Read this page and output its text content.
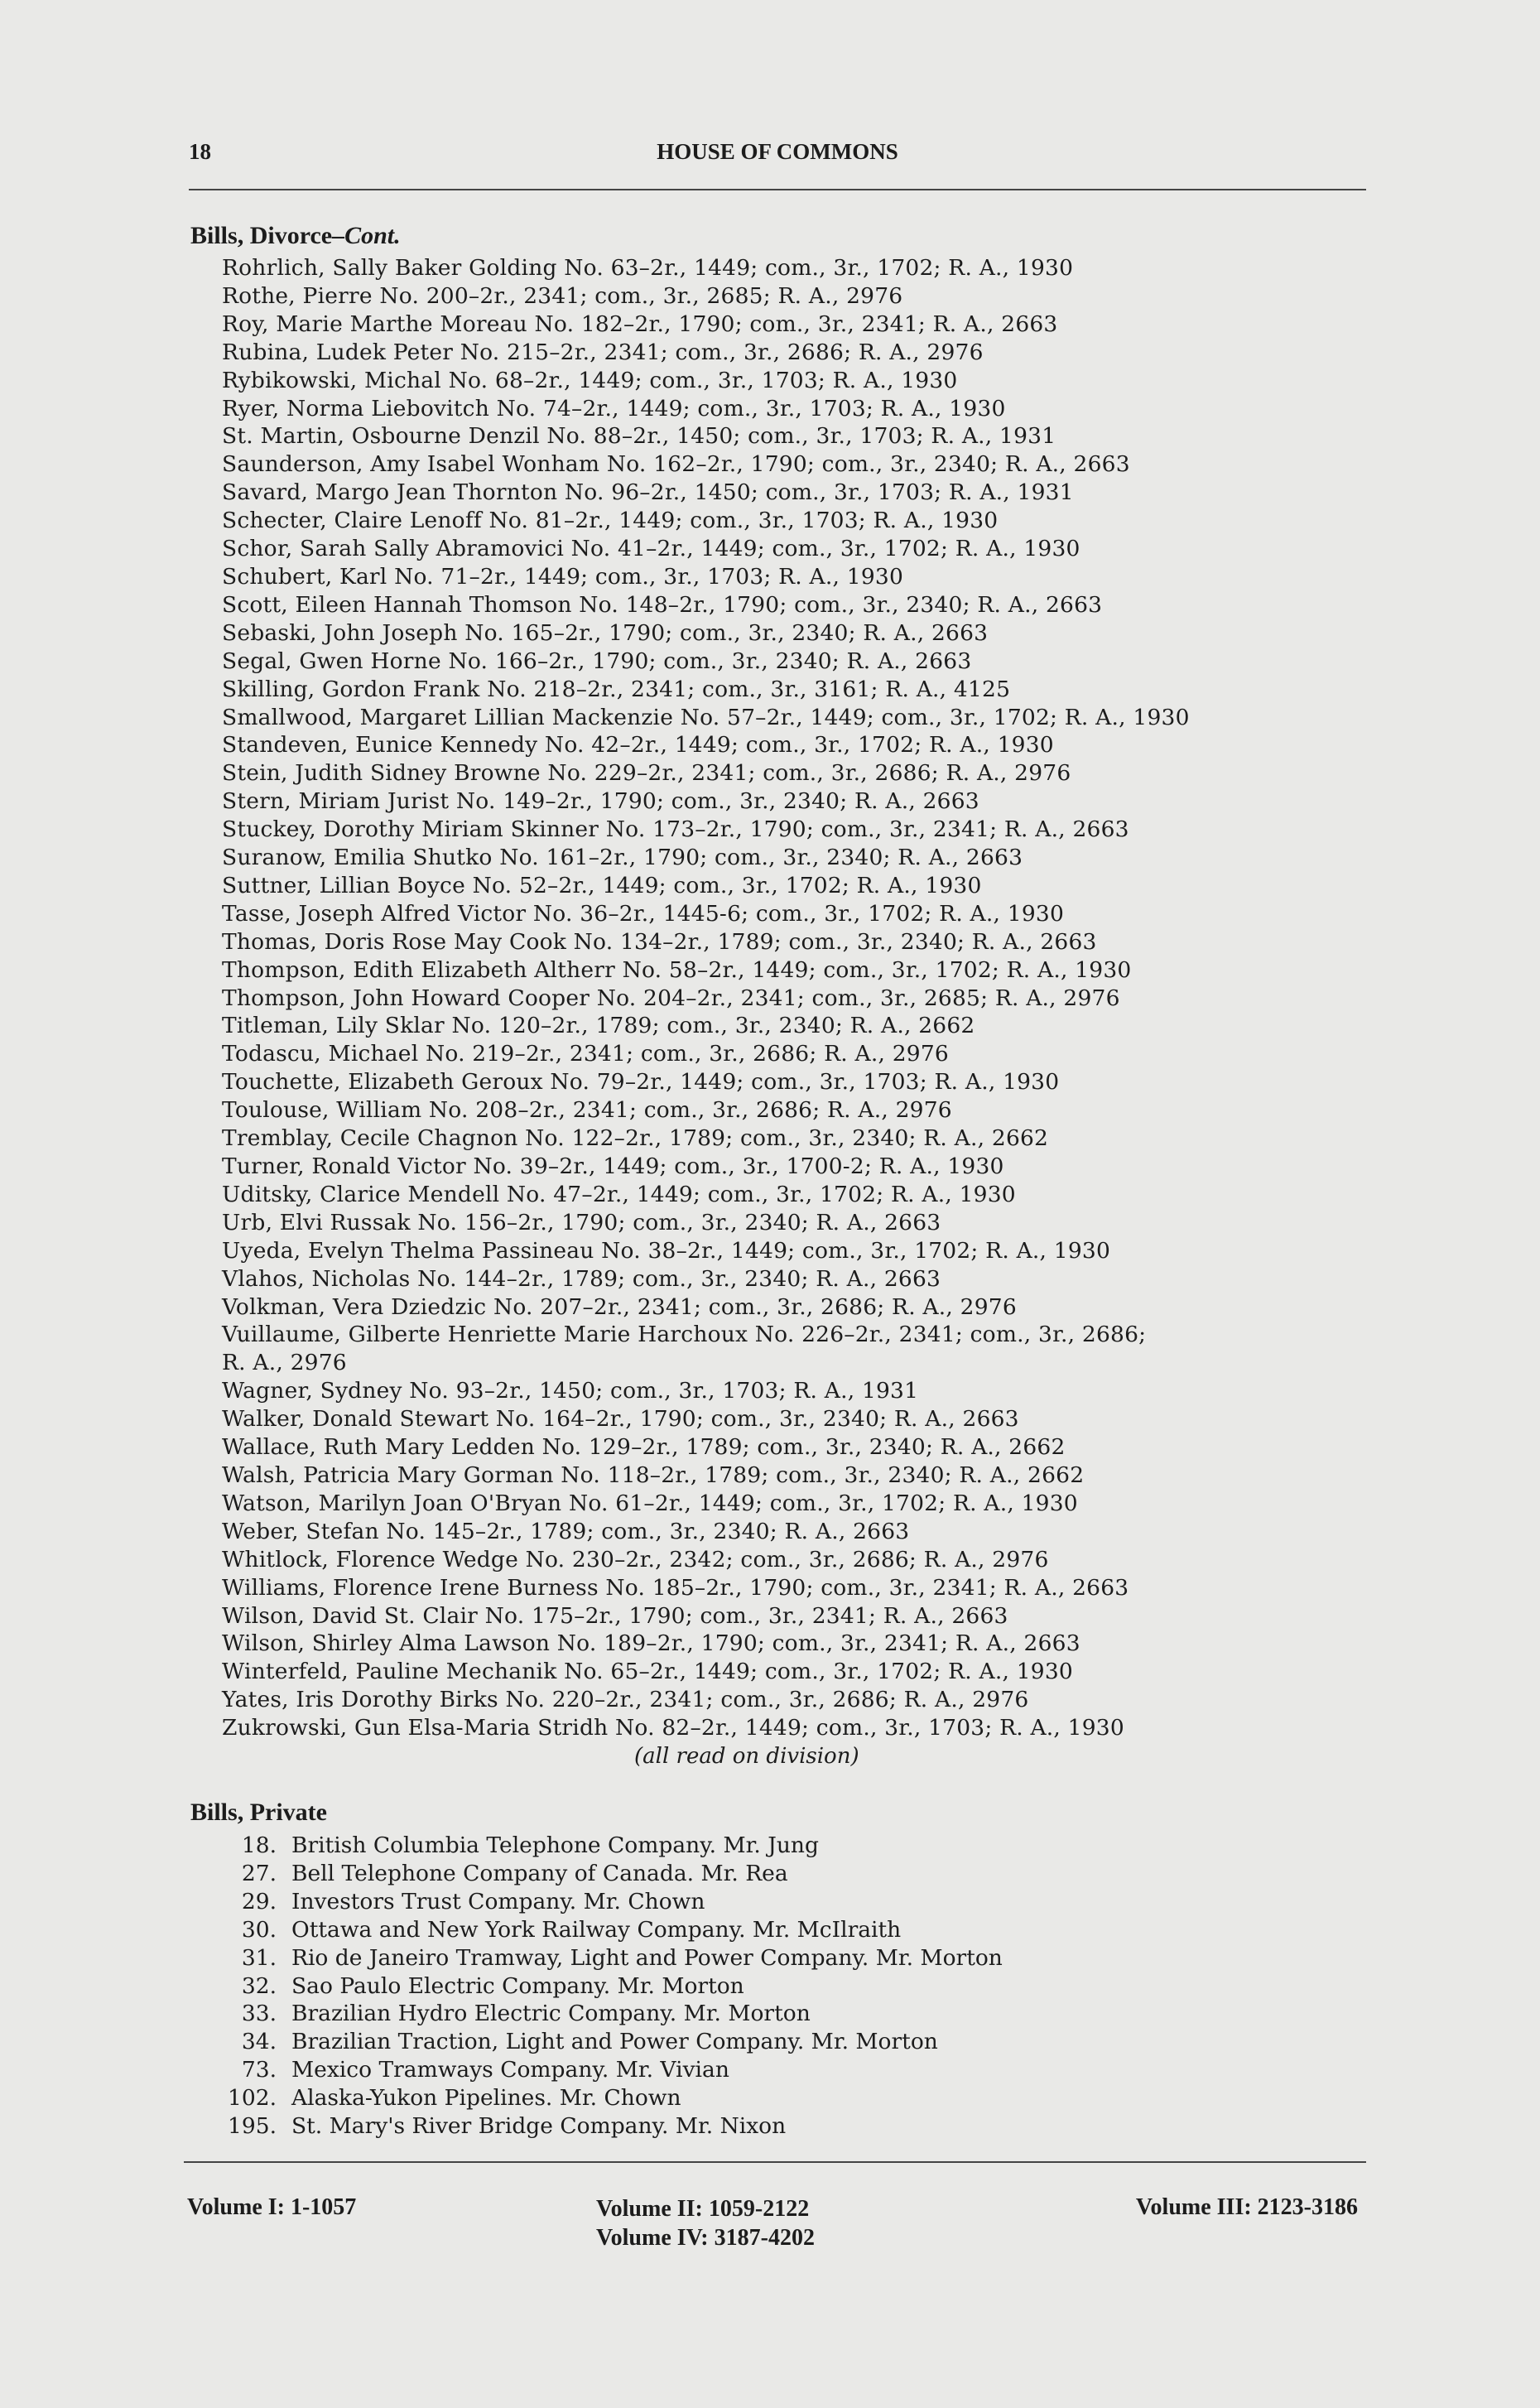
18	HOUSE OF COMMONS
Bills, Divorce–Cont.
Rohrlich, Sally Baker Golding No. 63–2r., 1449; com., 3r., 1702; R. A., 1930
Rothe, Pierre No. 200–2r., 2341; com., 3r., 2685; R. A., 2976
Roy, Marie Marthe Moreau No. 182–2r., 1790; com., 3r., 2341; R. A., 2663
Rubina, Ludek Peter No. 215–2r., 2341; com., 3r., 2686; R. A., 2976
Rybikowski, Michal No. 68–2r., 1449; com., 3r., 1703; R. A., 1930
Ryer, Norma Liebovitch No. 74–2r., 1449; com., 3r., 1703; R. A., 1930
St. Martin, Osbourne Denzil No. 88–2r., 1450; com., 3r., 1703; R. A., 1931
Saunderson, Amy Isabel Wonham No. 162–2r., 1790; com., 3r., 2340; R. A., 2663
Savard, Margo Jean Thornton No. 96–2r., 1450; com., 3r., 1703; R. A., 1931
Schecter, Claire Lenoff No. 81–2r., 1449; com., 3r., 1703; R. A., 1930
Schor, Sarah Sally Abramovici No. 41–2r., 1449; com., 3r., 1702; R. A., 1930
Schubert, Karl No. 71–2r., 1449; com., 3r., 1703; R. A., 1930
Scott, Eileen Hannah Thomson No. 148–2r., 1790; com., 3r., 2340; R. A., 2663
Sebaski, John Joseph No. 165–2r., 1790; com., 3r., 2340; R. A., 2663
Segal, Gwen Horne No. 166–2r., 1790; com., 3r., 2340; R. A., 2663
Skilling, Gordon Frank No. 218–2r., 2341; com., 3r., 3161; R. A., 4125
Smallwood, Margaret Lillian Mackenzie No. 57–2r., 1449; com., 3r., 1702; R. A., 1930
Standeven, Eunice Kennedy No. 42–2r., 1449; com., 3r., 1702; R. A., 1930
Stein, Judith Sidney Browne No. 229–2r., 2341; com., 3r., 2686; R. A., 2976
Stern, Miriam Jurist No. 149–2r., 1790; com., 3r., 2340; R. A., 2663
Stuckey, Dorothy Miriam Skinner No. 173–2r., 1790; com., 3r., 2341; R. A., 2663
Suranow, Emilia Shutko No. 161–2r., 1790; com., 3r., 2340; R. A., 2663
Suttner, Lillian Boyce No. 52–2r., 1449; com., 3r., 1702; R. A., 1930
Tasse, Joseph Alfred Victor No. 36–2r., 1445-6; com., 3r., 1702; R. A., 1930
Thomas, Doris Rose May Cook No. 134–2r., 1789; com., 3r., 2340; R. A., 2663
Thompson, Edith Elizabeth Altherr No. 58–2r., 1449; com., 3r., 1702; R. A., 1930
Thompson, John Howard Cooper No. 204–2r., 2341; com., 3r., 2685; R. A., 2976
Titleman, Lily Sklar No. 120–2r., 1789; com., 3r., 2340; R. A., 2662
Todascu, Michael No. 219–2r., 2341; com., 3r., 2686; R. A., 2976
Touchette, Elizabeth Geroux No. 79–2r., 1449; com., 3r., 1703; R. A., 1930
Toulouse, William No. 208–2r., 2341; com., 3r., 2686; R. A., 2976
Tremblay, Cecile Chagnon No. 122–2r., 1789; com., 3r., 2340; R. A., 2662
Turner, Ronald Victor No. 39–2r., 1449; com., 3r., 1700-2; R. A., 1930
Uditsky, Clarice Mendell No. 47–2r., 1449; com., 3r., 1702; R. A., 1930
Urb, Elvi Russak No. 156–2r., 1790; com., 3r., 2340; R. A., 2663
Uyeda, Evelyn Thelma Passineau No. 38–2r., 1449; com., 3r., 1702; R. A., 1930
Vlahos, Nicholas No. 144–2r., 1789; com., 3r., 2340; R. A., 2663
Volkman, Vera Dziedzic No. 207–2r., 2341; com., 3r., 2686; R. A., 2976
Vuillaume, Gilberte Henriette Marie Harchoux No. 226–2r., 2341; com., 3r., 2686;
R. A., 2976
Wagner, Sydney No. 93–2r., 1450; com., 3r., 1703; R. A., 1931
Walker, Donald Stewart No. 164–2r., 1790; com., 3r., 2340; R. A., 2663
Wallace, Ruth Mary Ledden No. 129–2r., 1789; com., 3r., 2340; R. A., 2662
Walsh, Patricia Mary Gorman No. 118–2r., 1789; com., 3r., 2340; R. A., 2662
Watson, Marilyn Joan O'Bryan No. 61–2r., 1449; com., 3r., 1702; R. A., 1930
Weber, Stefan No. 145–2r., 1789; com., 3r., 2340; R. A., 2663
Whitlock, Florence Wedge No. 230–2r., 2342; com., 3r., 2686; R. A., 2976
Williams, Florence Irene Burness No. 185–2r., 1790; com., 3r., 2341; R. A., 2663
Wilson, David St. Clair No. 175–2r., 1790; com., 3r., 2341; R. A., 2663
Wilson, Shirley Alma Lawson No. 189–2r., 1790; com., 3r., 2341; R. A., 2663
Winterfeld, Pauline Mechanik No. 65–2r., 1449; com., 3r., 1702; R. A., 1930
Yates, Iris Dorothy Birks No. 220–2r., 2341; com., 3r., 2686; R. A., 2976
Zukrowski, Gun Elsa-Maria Stridh No. 82–2r., 1449; com., 3r., 1703; R. A., 1930
(all read on division)
Bills, Private
18. British Columbia Telephone Company. Mr. Jung
27. Bell Telephone Company of Canada. Mr. Rea
29. Investors Trust Company. Mr. Chown
30. Ottawa and New York Railway Company. Mr. McIlraith
31. Rio de Janeiro Tramway, Light and Power Company. Mr. Morton
32. Sao Paulo Electric Company. Mr. Morton
33. Brazilian Hydro Electric Company. Mr. Morton
34. Brazilian Traction, Light and Power Company. Mr. Morton
73. Mexico Tramways Company. Mr. Vivian
102. Alaska-Yukon Pipelines. Mr. Chown
195. St. Mary's River Bridge Company. Mr. Nixon
Volume I: 1-1057	Volume II: 1059-2122
Volume IV: 3187-4202
Volume III: 2123-3186
